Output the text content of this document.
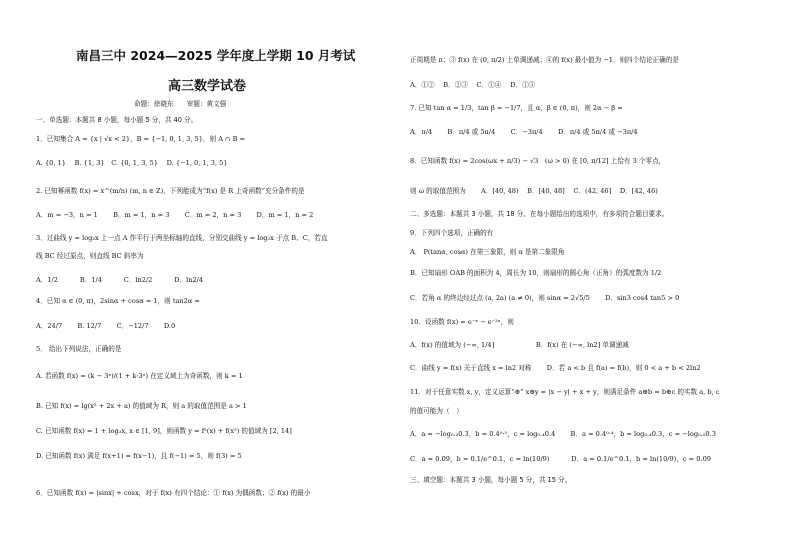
南昌三中 2024—2025 学年度上学期 10 月考试
高三数学试卷
命题：徐晓东　　审题：黄文强
一、单选题：本题共 8 小题，每小题 5 分，共 40 分。
1．已知集合 A = {x | √x < 2}，B = {−1, 0, 1, 3, 5}，则 A ∩ B =
A. {0, 1}　 B. {1, 3}　C. {0, 1, 3, 5}　 D. {−1, 0, 1, 3, 5}
2. 已知幂函数 f(x) = x^(m/n) (m, n ∈ Z)，下列能成为“f(x) 是 R 上奇函数”充分条件的是
A．m = −3，n = 1　　 B．m = 1，n = 3　　 C．m = 2，n = 3　　 D．m = 1，n = 2
3．过曲线 y = log₂x 上一点 A 作平行于两坐标轴的直线，分别交曲线 y = log₃x 于点 B、C，若直
线 BC 经过原点，则直线 BC 斜率为
A．1/2　　　 B．1/4　　　 C．ln2/2　　　 D．ln2/4
4．已知 α ∈ (0, π)，2sinα + cosα = 1，则 tan2α =
A．24/7　　 B. 12/7　　 C．−12/7　　 D.0
5． 给出下列说法，正确的是
A. 若函数 f(x) = (k − 3ˣ)/(1 + k·3ˣ) 在定义域上为奇函数，则 k = 1
B. 已知 f(x) = lg(x² + 2x + a) 的值域为 R，则 a 的取值范围是 a > 1
C. 已知函数 f(x) = 1 + log₃x, x ∈ [1, 9]，则函数 y = f²(x) + f(x²) 的值域为 [2, 14]
D. 已知函数 f(x) 满足 f(x+1) = f(x−1)，且 f(−1) = 5，则 f(3) = 5
6．已知函数 f(x) = |sinx| + cosx，对于 f(x) 有四个结论：① f(x) 为偶函数；② f(x) 的最小
正周期是 π；③ f(x) 在 (0, π/2) 上单调递减；④的 f(x) 最小值为 −1．则四个结论正确的是
A．①②　 B．②③　 C．①④　 D．①③
7. 已知 tan α = 1/3，tan β = −1/7，且 α，β ∈ (0, π)，则 2α − β =
A．π/4　　 B．π/4 或 5π/4　　 C．−3π/4　　 D．π/4 或 5π/4 或 −3π/4
8．已知函数 f(x) = 2cos(ωx + π/3) − √3　(ω > 0) 在 [0, π/12] 上恰有 3 个零点，
则 ω 的取值范围为　　 A．[40, 48)　 B．[40, 48]　 C．(42, 46]　 D．[42, 46)
二、多选题：本题共 3 小题，共 18 分。在每小题给出的选项中，有多项符合题目要求。
9．下列四个选项，正确的有
A． P(tanα, cosα) 在第三象限，则 α 是第二象限角
B．已知扇形 OAB 的面积为 4，周长为 10，则扇形的圆心角（正角）的弧度数为 1/2
C．若角 α 的终边经过点 (a, 2a) (a ≠ 0)，则 sinα = 2√5/5　　 D．sin3 cos4 tan5 > 0
10．设函数 f(x) = e⁻ˣ − e⁻²ˣ，则
A．f(x) 的值域为 (−∞, 1/4]　　　　　　 B．f(x) 在 (−∞, ln2] 单调递减
C．曲线 y = f(x) 关于直线 x = ln2 对称　　 D．若 a < b 且 f(a) = f(b)，则 0 < a + b < 2ln2
11．对于任意实数 x, y，定义运算“⊕” x⊕y = |x − y| + x + y，则满足条件 a⊕b = b⊕c 的实数 a, b, c
的值可能为（　）
A．a = −log₀.₃0.3，b = 0.4⁰·⁵，c = log₀.₄0.4　　 B．a = 0.4⁰·⁴，b = log₀.₄0.3，c = −log₀.₅0.3
C．a = 0.09，b = 0.1/e^0.1，c = ln(10/9)　　　 D．a = 0.1/e^0.1，b = ln(10/9)，c = 0.09
三、填空题：本题共 3 小题，每小题 5 分，共 15 分。
